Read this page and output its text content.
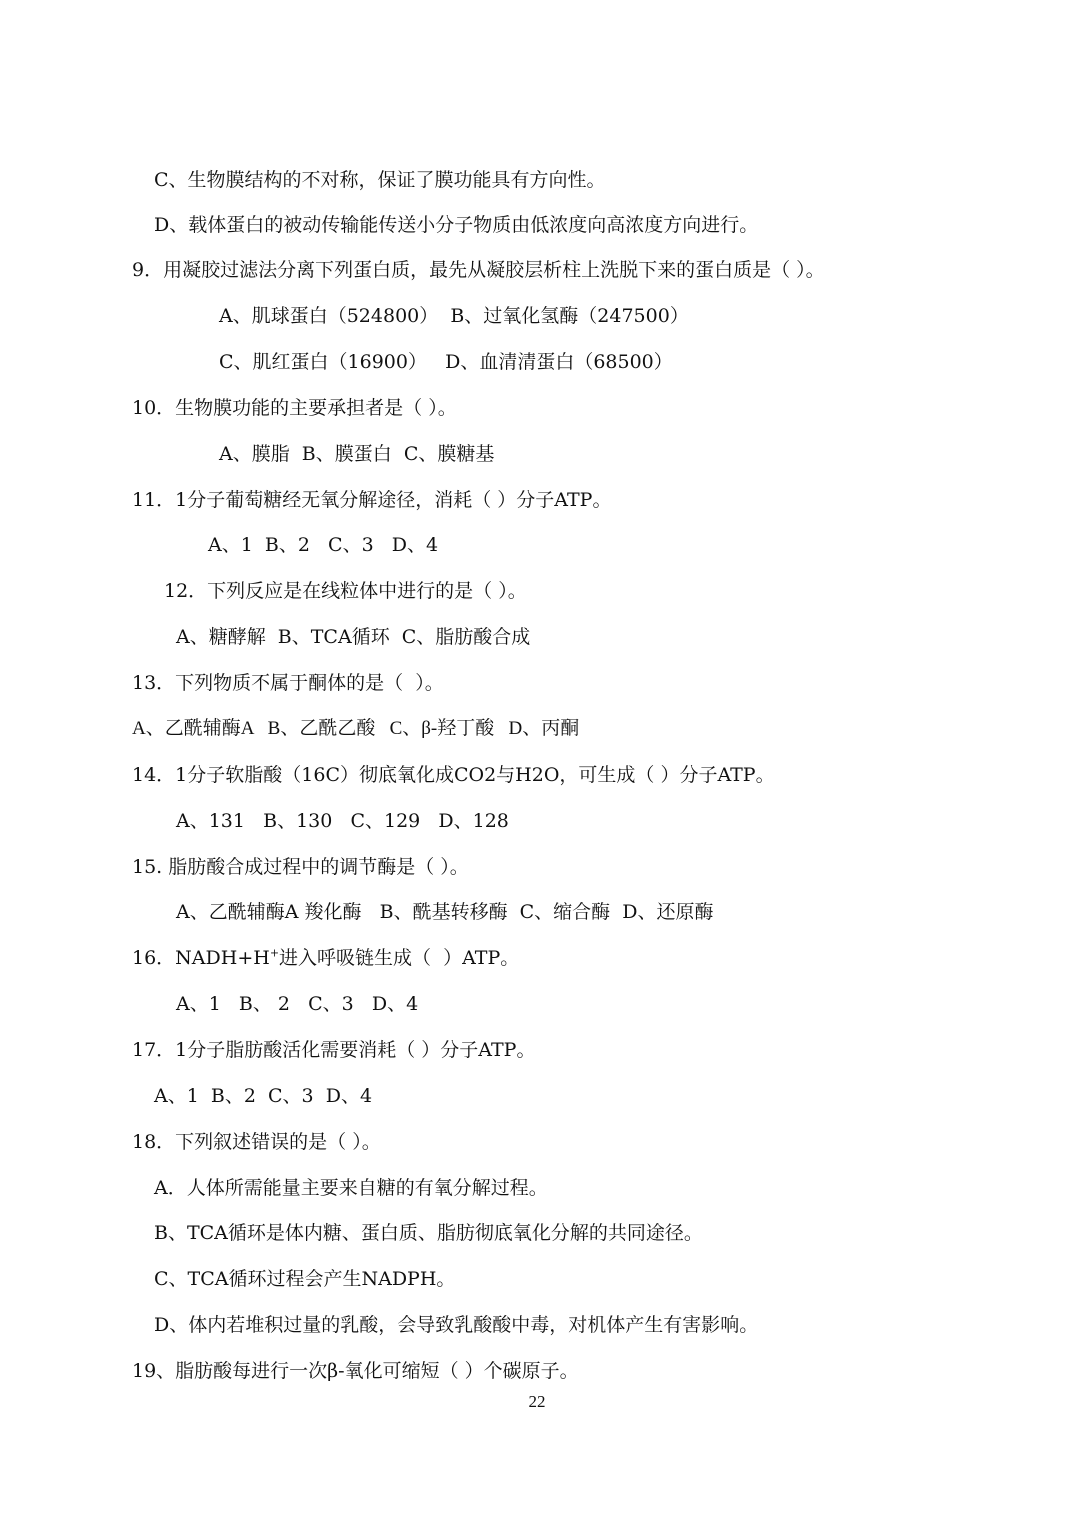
C、生物膜结构的不对称，保证了膜功能具有方向性。
D、载体蛋白的被动传输能传送小分子物质由低浓度向高浓度方向进行。
9．用凝胶过滤法分离下列蛋白质，最先从凝胶层析柱上洗脱下来的蛋白质是（ ）。
A、肌球蛋白（524800）  B、过氧化氢酶（247500）
C、肌红蛋白（16900）   D、血清清蛋白（68500）
10．生物膜功能的主要承担者是（ ）。
A、膜脂  B、膜蛋白  C、膜糖基
11．1分子葡萄糖经无氧分解途径，消耗（ ）分子ATP。
A、1  B、2   C、3   D、4
12．下列反应是在线粒体中进行的是（ ）。
A、糖酵解  B、TCA循环  C、脂肪酸合成
13．下列物质不属于酮体的是（  ）。
A、乙酰辅酶A   B、乙酰乙酸   C、β-羟丁酸   D、丙酮
14．1分子软脂酸（16C）彻底氧化成CO2与H2O，可生成（ ）分子ATP。
A、131   B、130   C、129   D、128
15. 脂肪酸合成过程中的调节酶是（ ）。
A、乙酰辅酶A 羧化酶   B、酰基转移酶  C、缩合酶  D、还原酶
16．NADH+H+进入呼吸链生成（  ）ATP。
A、1   B、 2   C、3   D、4
17．1分子脂肪酸活化需要消耗（ ）分子ATP。
A、1  B、2  C、3  D、4
18．下列叙述错误的是（ ）。
A．人体所需能量主要来自糖的有氧分解过程。
B、TCA循环是体内糖、蛋白质、脂肪彻底氧化分解的共同途径。
C、TCA循环过程会产生NADPH。
D、体内若堆积过量的乳酸，会导致乳酸酸中毒，对机体产生有害影响。
19、脂肪酸每进行一次β-氧化可缩短（ ）个碳原子。
22
